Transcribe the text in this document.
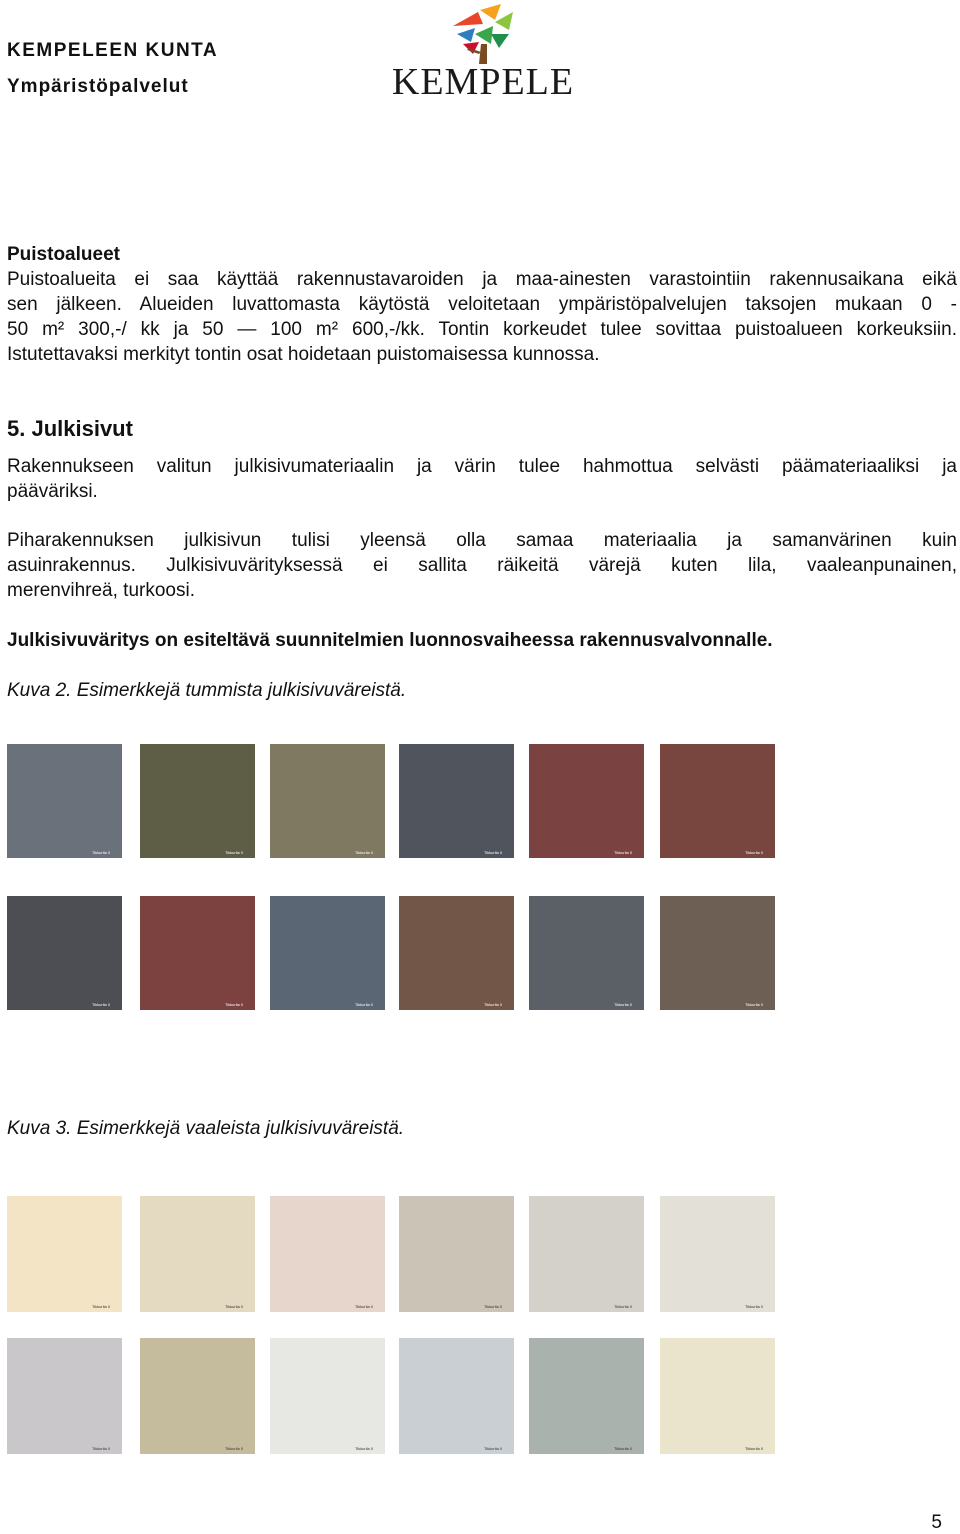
KEMPELEEN KUNTA
Ympäristöpalvelut	KEMPELE

Puistoalueet

Puistoalueita ei saa käyttää rakennustavaroiden ja maa-ainesten varastointiin rakennusaikana eikä
sen jälkeen. Alueiden luvattomasta käytöstä veloitetaan ympäristöpalvelujen taksojen mukaan 0 -
50 m² 300,-/ kk ja 50 — 100 m² 600,-/kk. Tontin korkeudet tulee sovittaa puistoalueen korkeuksiin.

Istutettavaksi merkityt tontin osat hoidetaan puistomaisessa kunnossa.

5. Julkisivut

Rakennukseen valitun julkisivumateriaalin ja värin tulee hahmottua selvästi päämateriaaliksi ja

pääväriksi.

Piharakennuksen julkisivun tulisi yleensä olla samaa materiaalia ja samanvärinen kuin
asuinrakennus. Julkisivuvärityksessä ei sallita räikeitä värejä kuten lila, vaaleanpunainen,

merenvihreä, turkoosi.

Julkisivuväritys on esiteltävä suunnitelmien luonnosvaiheessa rakennusvalvonnalle.

Kuva 2. Esimerkkejä tummista julkisivuväreistä.

Tikkurila 0	Tikkurila 0	Tikkurila 0	Tikkurila 0	Tikkurila 0	Tikkurila 0
Tikkurila 0	Tikkurila 0	Tikkurila 0	Tikkurila 0	Tikkurila 0	Tikkurila 0

Kuva 3. Esimerkkejä vaaleista julkisivuväreistä.

Tikkurila 0	Tikkurila 0	Tikkurila 0	Tikkurila 0	Tikkurila 0	Tikkurila 0
Tikkurila 0	Tikkurila 0	Tikkurila 0	Tikkurila 0	Tikkurila 0	Tikkurila 0
5
